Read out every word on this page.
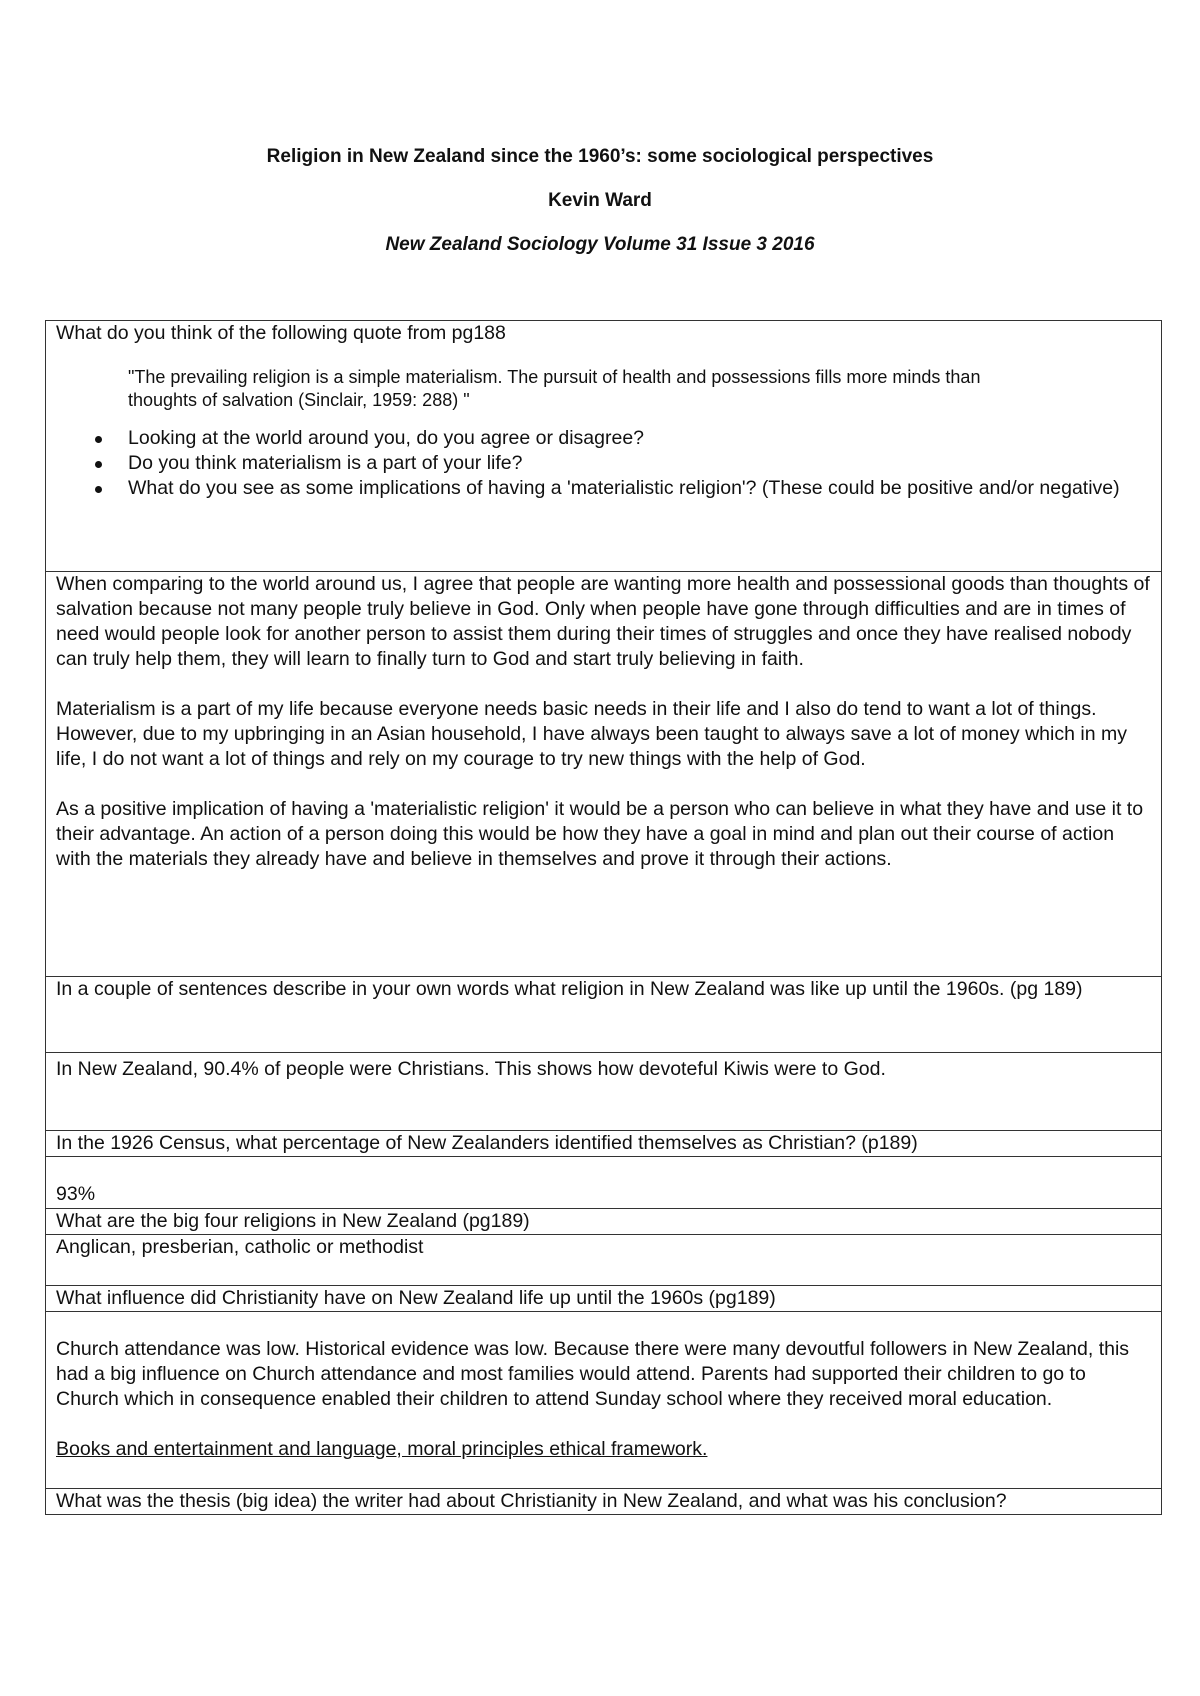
Religion in New Zealand since the 1960’s: some sociological perspectives
Kevin Ward
New Zealand Sociology Volume 31 Issue 3 2016

What do you think of the following quote from pg188

"The prevailing religion is a simple materialism. The pursuit of health and possessions fills more minds than
thoughts of salvation (Sinclair, 1959: 288) "
Looking at the world around you, do you agree or disagree?
Do you think materialism is a part of your life?
What do you see as some implications of having a 'materialistic religion'? (These could be positive and/or negative)

When comparing to the world around us, I agree that people are wanting more health and possessional goods than thoughts of salvation because not many people truly believe in God. Only when people have gone through difficulties and are in times of need would people look for another person to assist them during their times of struggles and once they have realised nobody can truly help them, they will learn to finally turn to God and start truly believing in faith.

Materialism is a part of my life because everyone needs basic needs in their life and I also do tend to want a lot of things. However, due to my upbringing in an Asian household, I have always been taught to always save a lot of money which in my life, I do not want a lot of things and rely on my courage to try new things with the help of God.

As a positive implication of having a 'materialistic religion' it would be a person who can believe in what they have and use it to their advantage. An action of a person doing this would be how they have a goal in mind and plan out their course of action with the materials they already have and believe in themselves and prove it through their actions.

In a couple of sentences describe in your own words what religion in New Zealand was like up until the 1960s. (pg 189)

In New Zealand, 90.4% of people were Christians. This shows how devoteful Kiwis were to God.

In the 1926 Census, what percentage of New Zealanders identified themselves as Christian? (p189)

93%

What are the big four religions in New Zealand (pg189)

Anglican, presberian, catholic or methodist

What influence did Christianity have on New Zealand life up until the 1960s (pg189)

Church attendance was low. Historical evidence was low. Because there were many devoutful followers in New Zealand, this had a big influence on Church attendance and most families would attend. Parents had supported their children to go to Church which in consequence enabled their children to attend Sunday school where they received moral education.

Books and entertainment and language, moral principles ethical framework.

What was the thesis (big idea) the writer had about Christianity in New Zealand, and what was his conclusion?
